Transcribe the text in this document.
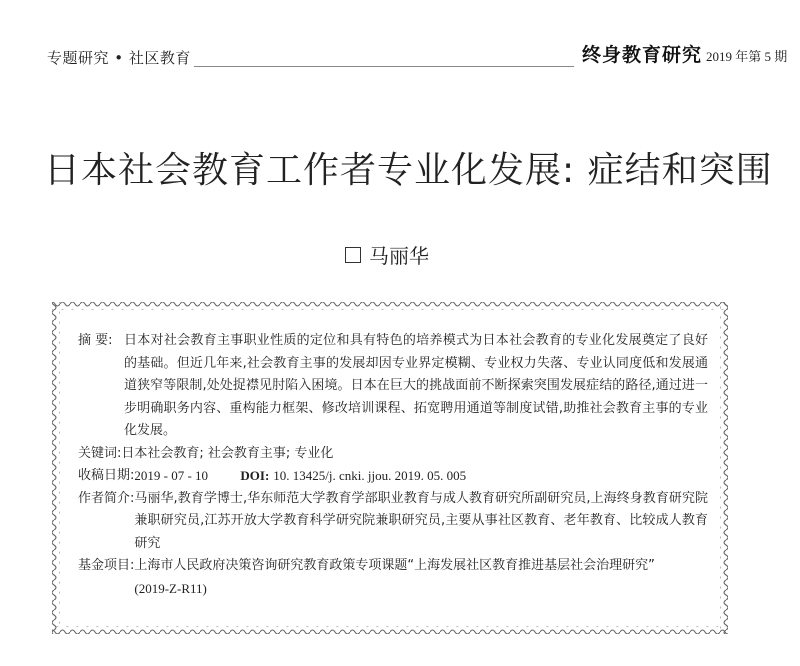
专题研究 • 社区教育	终身教育研究 2019 年第 5 期
日本社会教育工作者专业化发展: 症结和突围
马丽华
摘 要: 日本对社会教育主事职业性质的定位和具有特色的培养模式为日本社会教育的专业化发展奠定了良好的基础。但近几年来,社会教育主事的发展却因专业界定模糊、专业权力失落、专业认同度低和发展通道狭窄等限制,处处捉襟见肘陷入困境。日本在巨大的挑战面前不断探索突围发展症结的路径,通过进一步明确职务内容、重构能力框架、修改培训课程、拓宽聘用通道等制度试错,助推社会教育主事的专业化发展。
关键词: 日本社会教育; 社会教育主事; 专业化
收稿日期: 2019 - 07 - 10	DOI: 10. 13425/j. cnki. jjou. 2019. 05. 005
作者简介: 马丽华,教育学博士,华东师范大学教育学部职业教育与成人教育研究所副研究员,上海终身教育研究院兼职研究员,江苏开放大学教育科学研究院兼职研究员,主要从事社区教育、老年教育、比较成人教育研究
基金项目: 上海市人民政府决策咨询研究教育政策专项课题“上海发展社区教育推进基层社会治理研究”
(2019-Z-R11)
